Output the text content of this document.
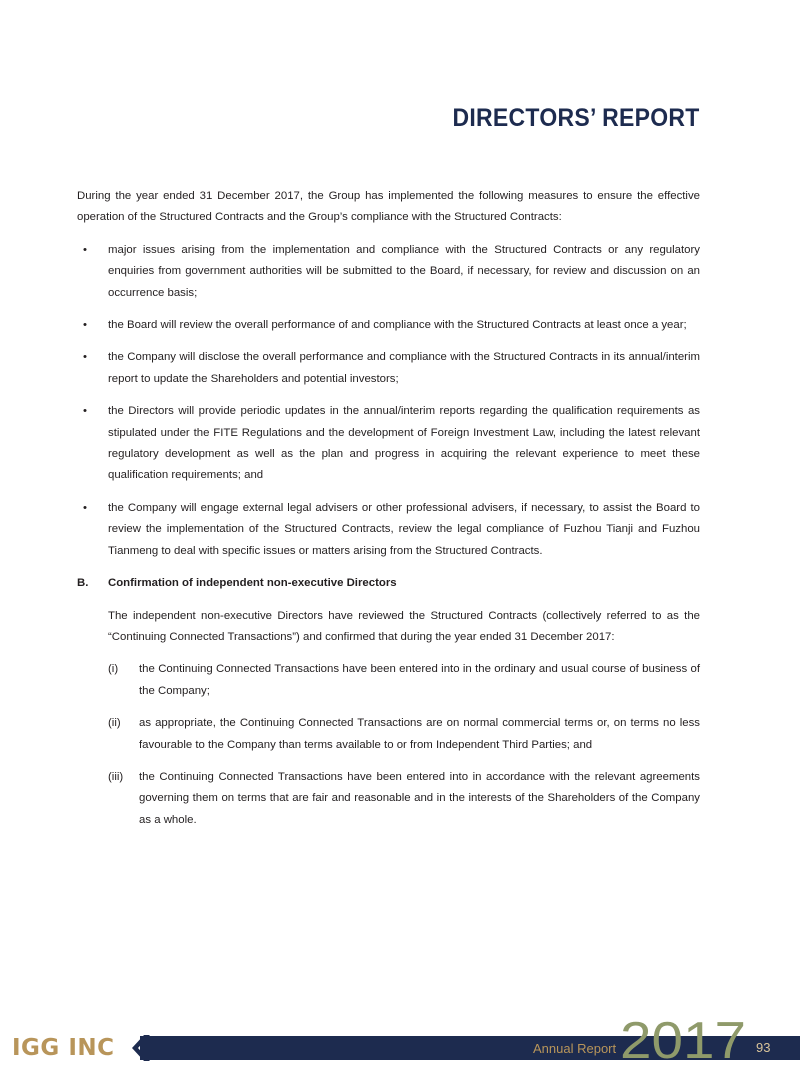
DIRECTORS’ REPORT

During the year ended 31 December 2017, the Group has implemented the following measures to ensure the effective operation of the Structured Contracts and the Group’s compliance with the Structured Contracts:

• major issues arising from the implementation and compliance with the Structured Contracts or any regulatory enquiries from government authorities will be submitted to the Board, if necessary, for review and discussion on an occurrence basis;
• the Board will review the overall performance of and compliance with the Structured Contracts at least once a year;
• the Company will disclose the overall performance and compliance with the Structured Contracts in its annual/interim report to update the Shareholders and potential investors;
• the Directors will provide periodic updates in the annual/interim reports regarding the qualification requirements as stipulated under the FITE Regulations and the development of Foreign Investment Law, including the latest relevant regulatory development as well as the plan and progress in acquiring the relevant experience to meet these qualification requirements; and
• the Company will engage external legal advisers or other professional advisers, if necessary, to assist the Board to review the implementation of the Structured Contracts, review the legal compliance of Fuzhou Tianji and Fuzhou Tianmeng to deal with specific issues or matters arising from the Structured Contracts.
B.	Confirmation of independent non-executive Directors

The independent non-executive Directors have reviewed the Structured Contracts (collectively referred to as the “Continuing Connected Transactions”) and confirmed that during the year ended 31 December 2017:

(i) the Continuing Connected Transactions have been entered into in the ordinary and usual course of business of the Company;
(ii) as appropriate, the Continuing Connected Transactions are on normal commercial terms or, on terms no less favourable to the Company than terms available to or from Independent Third Parties; and
(iii) the Continuing Connected Transactions have been entered into in accordance with the relevant agreements governing them on terms that are fair and reasonable and in the interests of the Shareholders of the Company as a whole.
IGG INC	Annual Report 2017 93
